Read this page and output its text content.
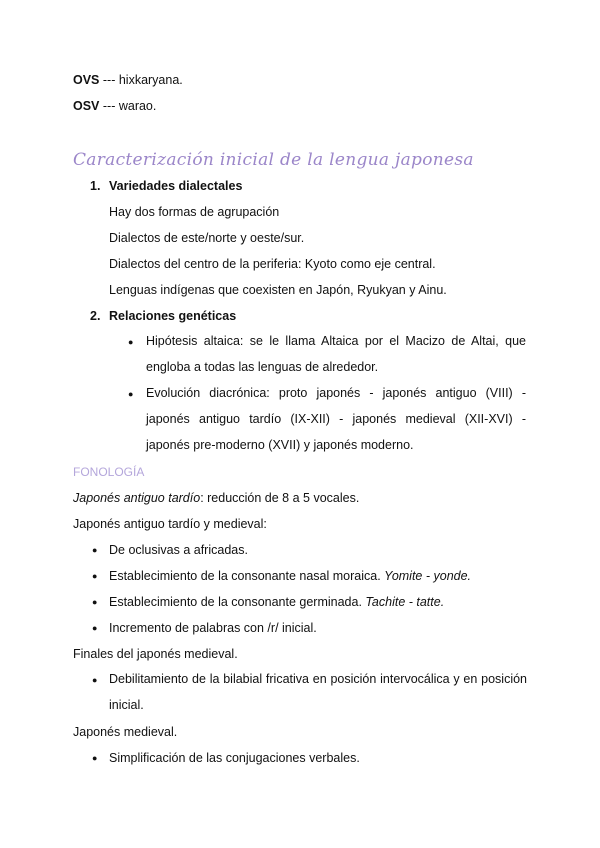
OVS --- hixkaryana.
OSV --- warao.
Caracterización inicial de la lengua japonesa
1. Variedades dialectales
Hay dos formas de agrupación
Dialectos de este/norte y oeste/sur.
Dialectos del centro de la periferia: Kyoto como eje central.
Lenguas indígenas que coexisten en Japón, Ryukyan y Ainu.
2. Relaciones genéticas
● Hipótesis altaica: se le llama Altaica por el Macizo de Altai, que engloba a todas las lenguas de alrededor.

● Evolución diacrónica: proto japonés - japonés antiguo (VIII) - japonés antiguo tardío (IX-XII) - japonés medieval (XII-XVI) - japonés pre-moderno (XVII) y japonés moderno.

FONOLOGÍA
Japonés antiguo tardío: reducción de 8 a 5 vocales.
Japonés antiguo tardío y medieval:
● De oclusivas a africadas.
● Establecimiento de la consonante nasal moraica. Yomite - yonde.
● Establecimiento de la consonante germinada. Tachite - tatte.
● Incremento de palabras con /r/ inicial.
Finales del japonés medieval.
● Debilitamiento de la bilabial fricativa en posición intervocálica y en posición inicial.

Japonés medieval.
● Simplificación de las conjugaciones verbales.
